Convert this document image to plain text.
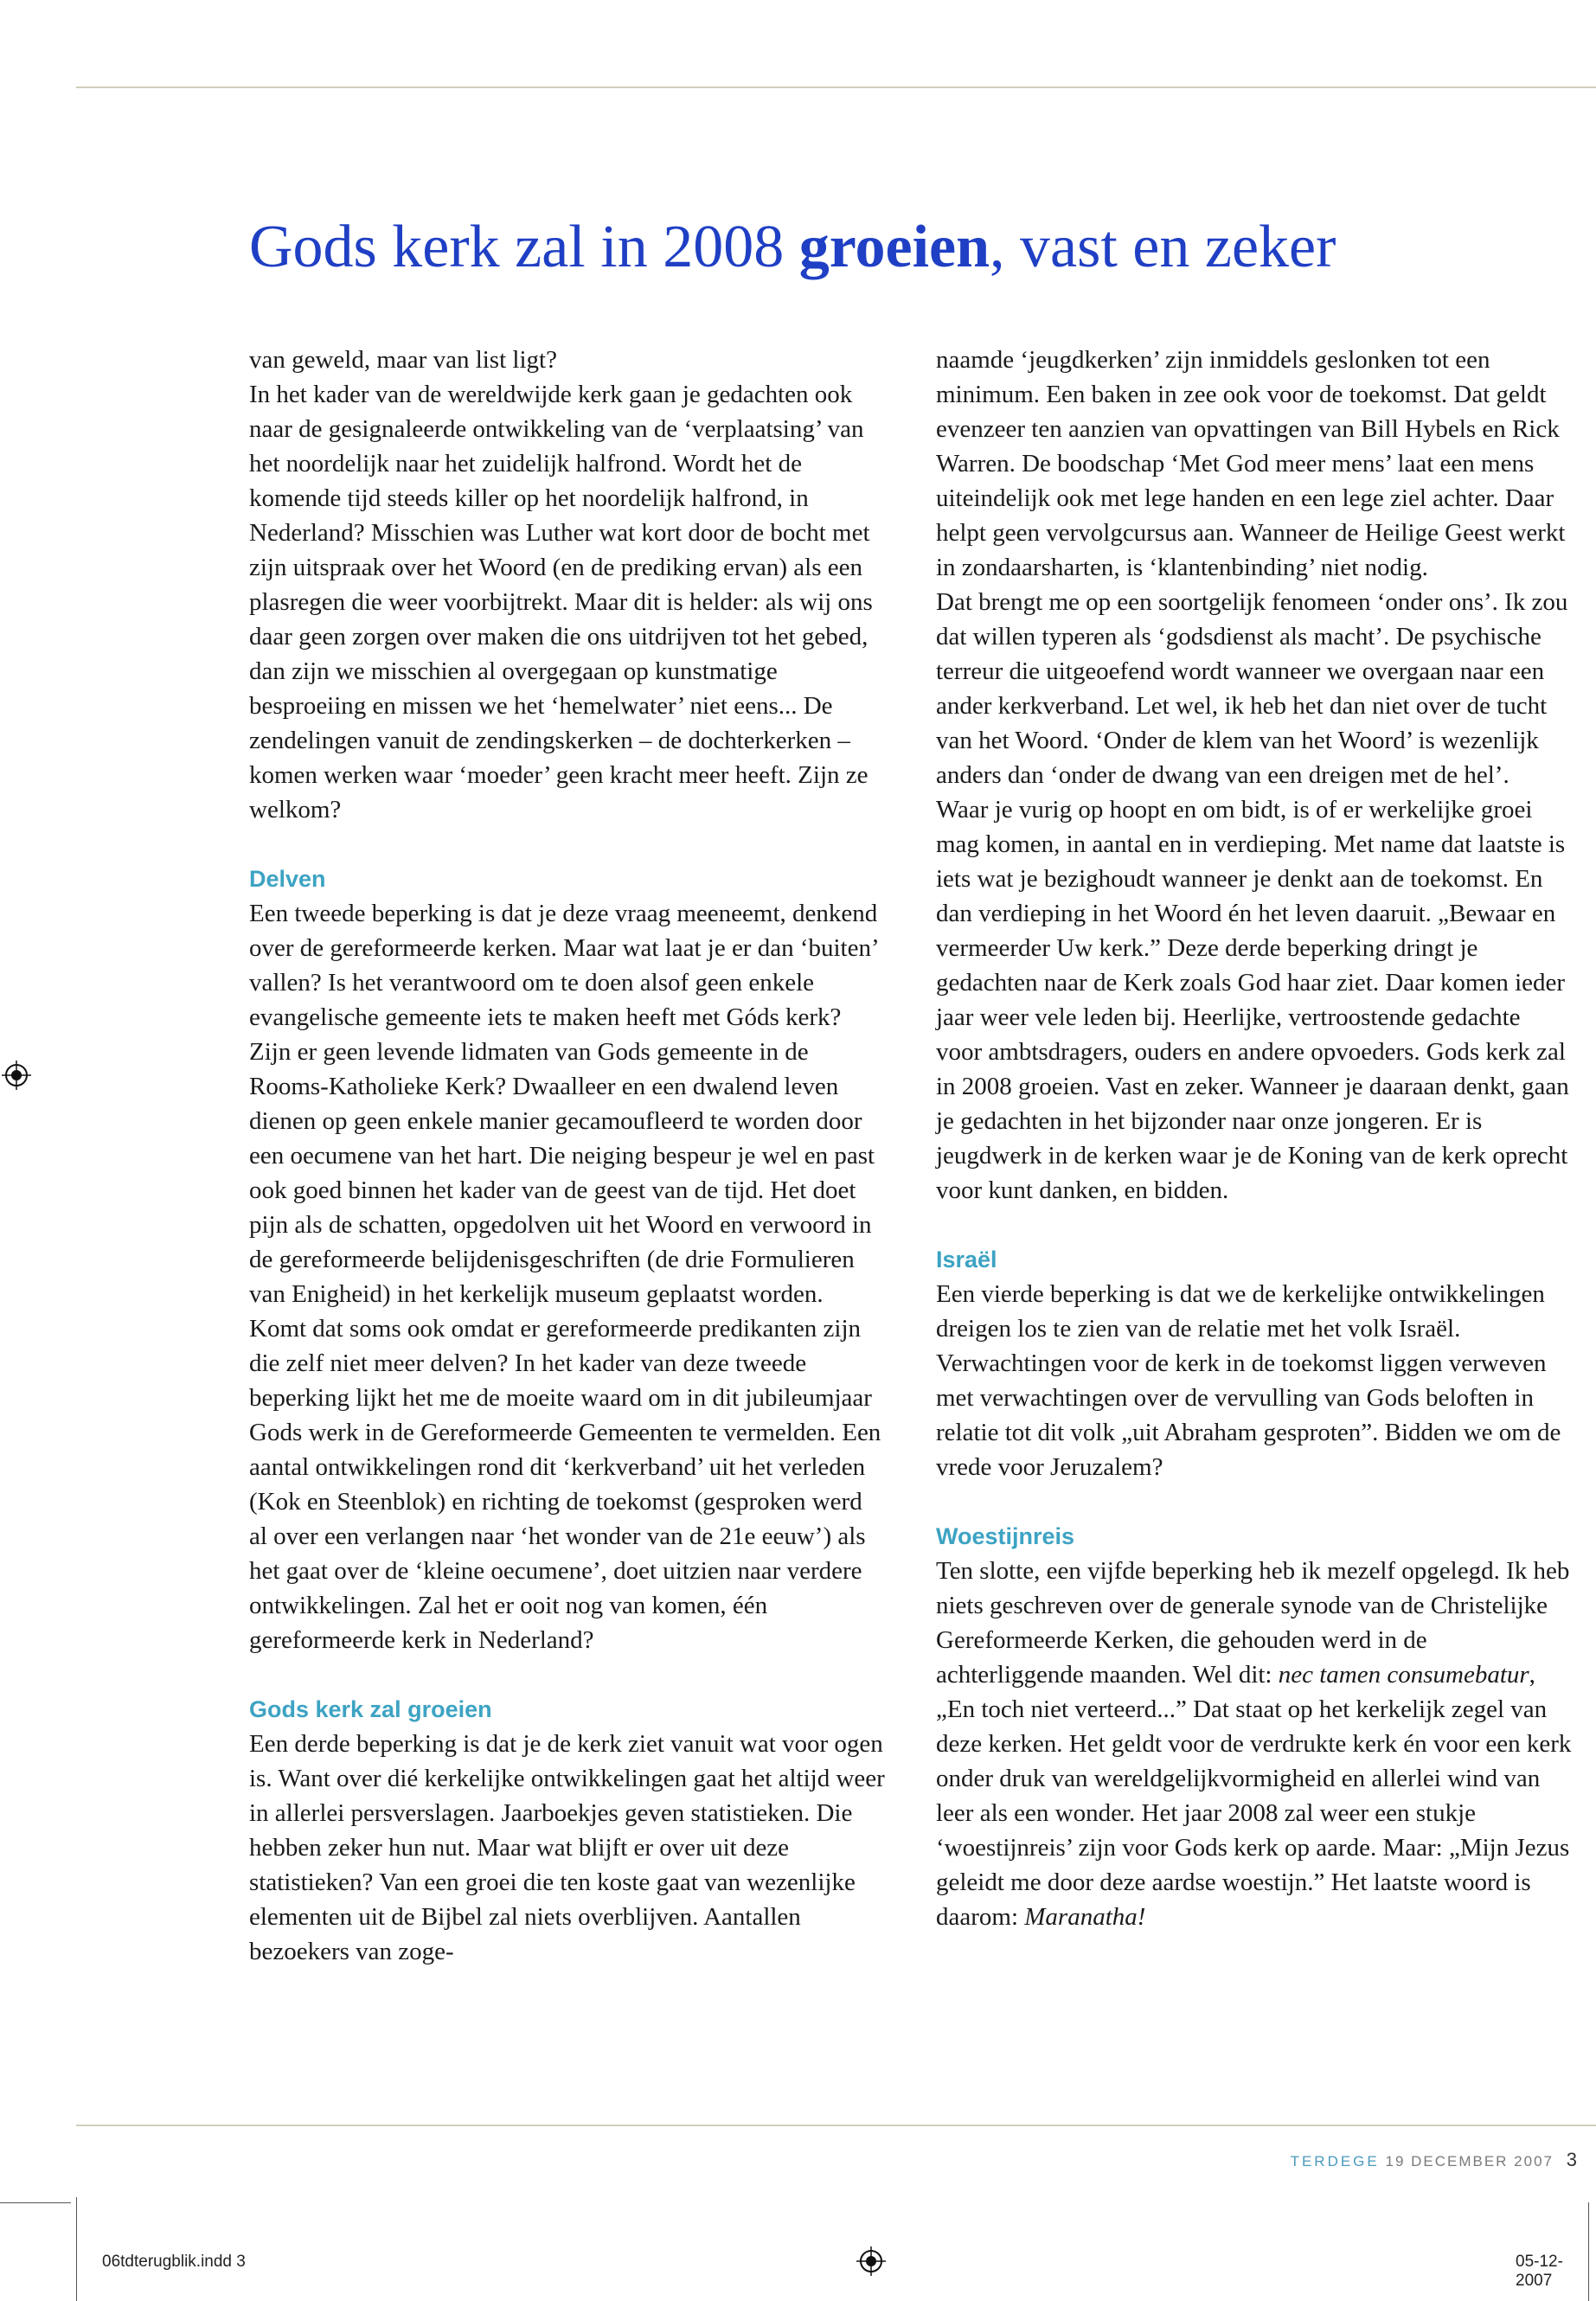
Gods kerk zal in 2008 groeien, vast en zeker

van geweld, maar van list ligt?

In het kader van de wereldwijde kerk gaan je gedachten ook naar de gesignaleerde ontwikkeling van de ‘verplaatsing’ van het noordelijk naar het zuidelijk halfrond. Wordt het de komende tijd steeds killer op het noordelijk halfrond, in Nederland? Misschien was Luther wat kort door de bocht met zijn uitspraak over het Woord (en de prediking ervan) als een plasregen die weer voorbijtrekt. Maar dit is helder: als wij ons daar geen zorgen over maken die ons uitdrijven tot het gebed, dan zijn we misschien al overgegaan op kunstmatige besproeiing en missen we het ‘hemelwater’ niet eens... De zendelingen vanuit de zendingskerken – de dochterkerken – komen werken waar ‘moeder’ geen kracht meer heeft. Zijn ze welkom?

Delven

Een tweede beperking is dat je deze vraag meeneemt, denkend over de gereformeerde kerken. Maar wat laat je er dan ‘buiten’ vallen? Is het verantwoord om te doen alsof geen enkele evangelische gemeente iets te maken heeft met Góds kerk? Zijn er geen levende lidmaten van Gods gemeente in de Rooms-Katholieke Kerk? Dwaalleer en een dwalend leven dienen op geen enkele manier gecamoufleerd te worden door een oecumene van het hart. Die neiging bespeur je wel en past ook goed binnen het kader van de geest van de tijd. Het doet pijn als de schatten, opgedolven uit het Woord en verwoord in de gereformeerde belijdenisgeschriften (de drie Formulieren van Enigheid) in het kerkelijk museum geplaatst worden. Komt dat soms ook omdat er gereformeerde predikanten zijn die zelf niet meer delven? In het kader van deze tweede beperking lijkt het me de moeite waard om in dit jubileumjaar Gods werk in de Gereformeerde Gemeenten te vermelden. Een aantal ontwikkelingen rond dit ‘kerkverband’ uit het verleden (Kok en Steenblok) en richting de toekomst (gesproken werd al over een verlangen naar ‘het wonder van de 21e eeuw’) als het gaat over de ‘kleine oecumene’, doet uitzien naar verdere ontwikkelingen. Zal het er ooit nog van komen, één gereformeerde kerk in Nederland?

Gods kerk zal groeien

Een derde beperking is dat je de kerk ziet vanuit wat voor ogen is. Want over dié kerkelijke ontwikkelingen gaat het altijd weer in allerlei persverslagen. Jaarboekjes geven statistieken. Die hebben zeker hun nut. Maar wat blijft er over uit deze statistieken? Van een groei die ten koste gaat van wezenlijke elementen uit de Bijbel zal niets overblijven. Aantallen bezoekers van zoge-

naamde ‘jeugdkerken’ zijn inmiddels geslonken tot een minimum. Een baken in zee ook voor de toekomst. Dat geldt evenzeer ten aanzien van opvattingen van Bill Hybels en Rick Warren. De boodschap ‘Met God meer mens’ laat een mens uiteindelijk ook met lege handen en een lege ziel achter. Daar helpt geen vervolgcursus aan. Wanneer de Heilige Geest werkt in zondaarsharten, is ‘klantenbinding’ niet nodig.

Dat brengt me op een soortgelijk fenomeen ‘onder ons’. Ik zou dat willen typeren als ‘godsdienst als macht’. De psychische terreur die uitgeoefend wordt wanneer we overgaan naar een ander kerkverband. Let wel, ik heb het dan niet over de tucht van het Woord. ‘Onder de klem van het Woord’ is wezenlijk anders dan ‘onder de dwang van een dreigen met de hel’.

Waar je vurig op hoopt en om bidt, is of er werkelijke groei mag komen, in aantal en in verdieping. Met name dat laatste is iets wat je bezighoudt wanneer je denkt aan de toekomst. En dan verdieping in het Woord én het leven daaruit. „Bewaar en vermeerder Uw kerk.” Deze derde beperking dringt je gedachten naar de Kerk zoals God haar ziet. Daar komen ieder jaar weer vele leden bij. Heerlijke, vertroostende gedachte voor ambtsdragers, ouders en andere opvoeders. Gods kerk zal in 2008 groeien. Vast en zeker. Wanneer je daaraan denkt, gaan je gedachten in het bijzonder naar onze jongeren. Er is jeugdwerk in de kerken waar je de Koning van de kerk oprecht voor kunt danken, en bidden.

Israël

Een vierde beperking is dat we de kerkelijke ontwikkelingen dreigen los te zien van de relatie met het volk Israël. Verwachtingen voor de kerk in de toekomst liggen verweven met verwachtingen over de vervulling van Gods beloften in relatie tot dit volk „uit Abraham gesproten”. Bidden we om de vrede voor Jeruzalem?

Woestijnreis

Ten slotte, een vijfde beperking heb ik mezelf opgelegd. Ik heb niets geschreven over de generale synode van de Christelijke Gereformeerde Kerken, die gehouden werd in de achterliggende maanden. Wel dit: nec tamen consumebatur, „En toch niet verteerd...” Dat staat op het kerkelijk zegel van deze kerken. Het geldt voor de verdrukte kerk én voor een kerk onder druk van wereldgelijkvormigheid en allerlei wind van leer als een wonder. Het jaar 2008 zal weer een stukje ‘woestijnreis’ zijn voor Gods kerk op aarde. Maar: „Mijn Jezus geleidt me door deze aardse woestijn.” Het laatste woord is daarom: Maranatha!

TERDEGE 19 DECEMBER 2007 3
06tdterugblik.indd 3	05-12-2007
